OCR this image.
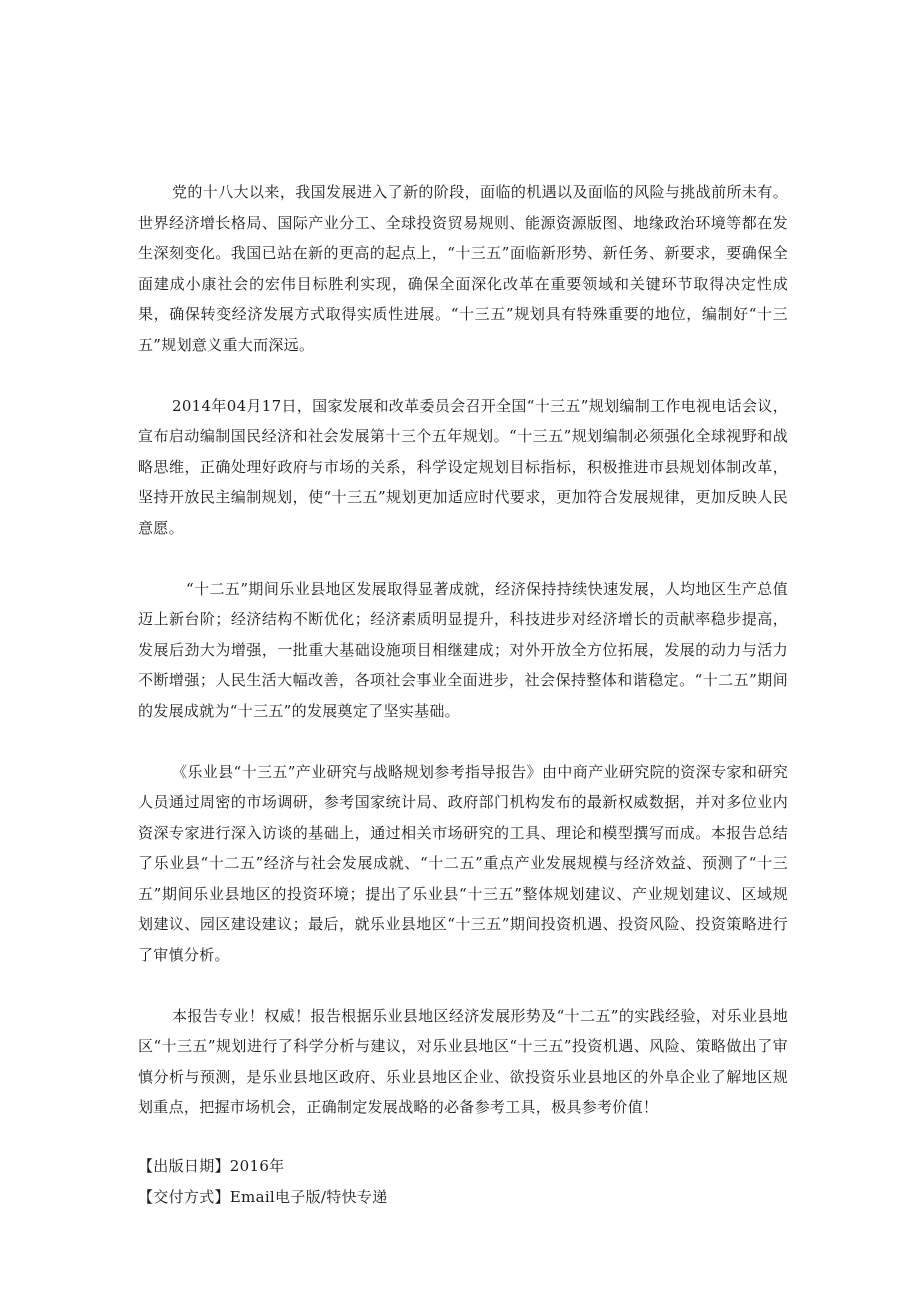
党的十八大以来，我国发展进入了新的阶段，面临的机遇以及面临的风险与挑战前所未有。世界经济增长格局、国际产业分工、全球投资贸易规则、能源资源版图、地缘政治环境等都在发生深刻变化。我国已站在新的更高的起点上，“十三五”面临新形势、新任务、新要求，要确保全面建成小康社会的宏伟目标胜利实现，确保全面深化改革在重要领域和关键环节取得决定性成果，确保转变经济发展方式取得实质性进展。“十三五”规划具有特殊重要的地位，编制好“十三五”规划意义重大而深远。

2014年04月17日，国家发展和改革委员会召开全国“十三五”规划编制工作电视电话会议，宣布启动编制国民经济和社会发展第十三个五年规划。“十三五”规划编制必须强化全球视野和战略思维，正确处理好政府与市场的关系，科学设定规划目标指标，积极推进市县规划体制改革，坚持开放民主编制规划，使“十三五”规划更加适应时代要求，更加符合发展规律，更加反映人民意愿。

“十二五”期间乐业县地区发展取得显著成就，经济保持持续快速发展，人均地区生产总值迈上新台阶；经济结构不断优化；经济素质明显提升，科技进步对经济增长的贡献率稳步提高，发展后劲大为增强，一批重大基础设施项目相继建成；对外开放全方位拓展，发展的动力与活力不断增强；人民生活大幅改善，各项社会事业全面进步，社会保持整体和谐稳定。“十二五”期间的发展成就为“十三五”的发展奠定了坚实基础。

《乐业县“十三五”产业研究与战略规划参考指导报告》由中商产业研究院的资深专家和研究人员通过周密的市场调研，参考国家统计局、政府部门机构发布的最新权威数据，并对多位业内资深专家进行深入访谈的基础上，通过相关市场研究的工具、理论和模型撰写而成。本报告总结了乐业县“十二五”经济与社会发展成就、“十二五”重点产业发展规模与经济效益、预测了“十三五”期间乐业县地区的投资环境；提出了乐业县“十三五”整体规划建议、产业规划建议、区域规划建议、园区建设建议；最后，就乐业县地区“十三五”期间投资机遇、投资风险、投资策略进行了审慎分析。

本报告专业！权威！报告根据乐业县地区经济发展形势及“十二五”的实践经验，对乐业县地区“十三五”规划进行了科学分析与建议，对乐业县地区“十三五”投资机遇、风险、策略做出了审慎分析与预测，是乐业县地区政府、乐业县地区企业、欲投资乐业县地区的外阜企业了解地区规划重点，把握市场机会，正确制定发展战略的必备参考工具，极具参考价值！

【出版日期】2016年

【交付方式】Email电子版/特快专递
